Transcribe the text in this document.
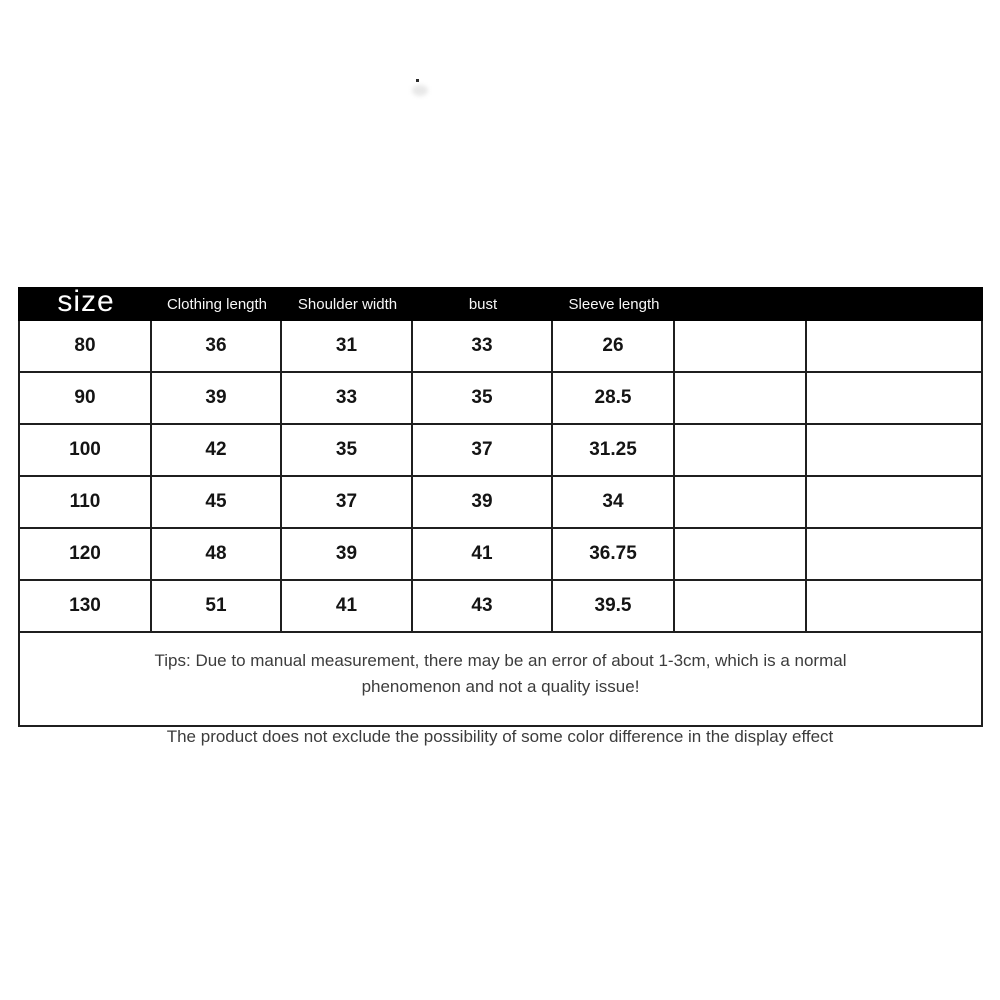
size	Clothing length	Shoulder width	bust	Sleeve length
80	36	31	33	26
90	39	33	35	28.5
100	42	35	37	31.25
110	45	37	39	34
120	48	39	41	36.75
130	51	41	43	39.5
Tips: Due to manual measurement, there may be an error of about 1-3cm, which is a normal
phenomenon and not a quality issue!
The product does not exclude the possibility of some color difference in the display effect
